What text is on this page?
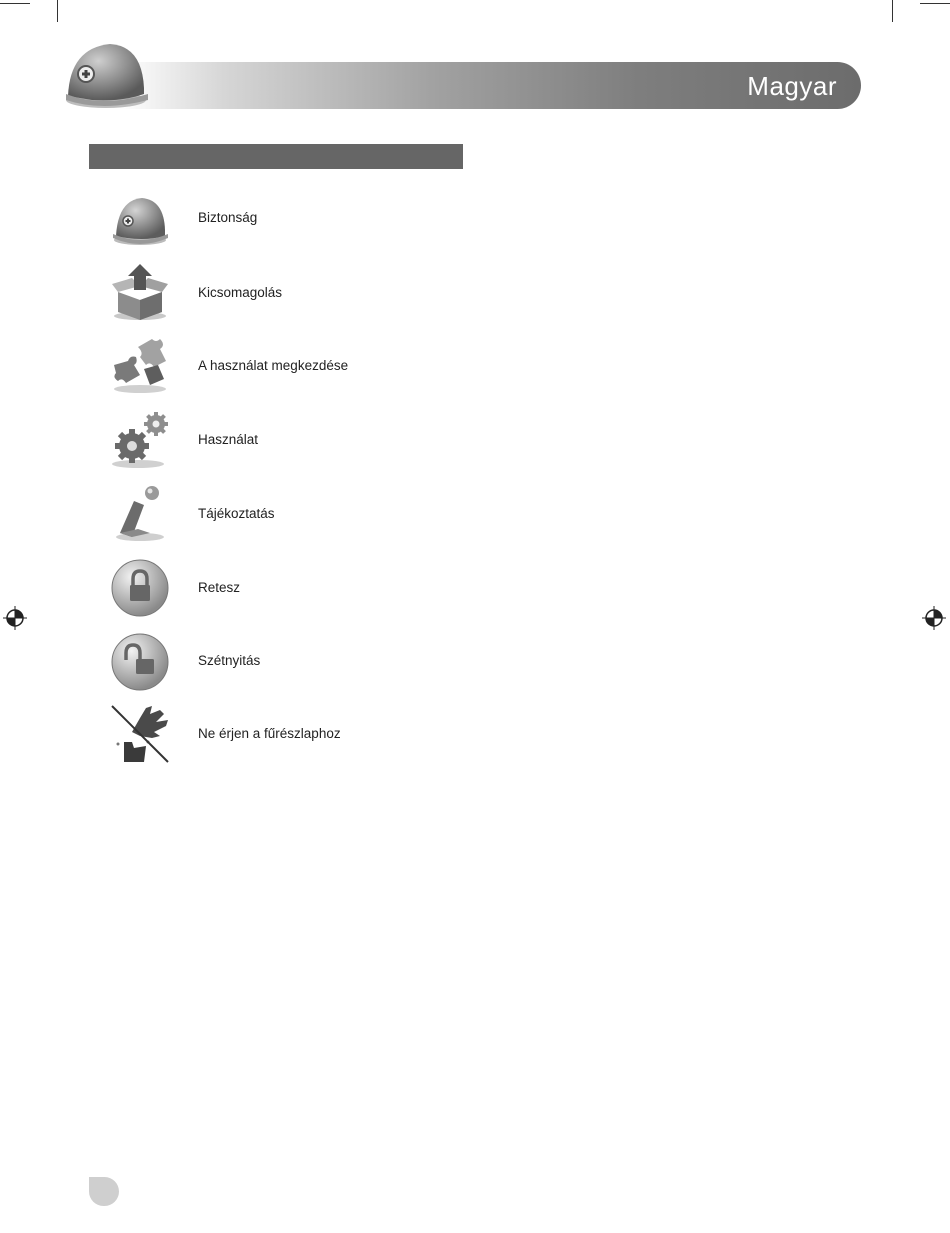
Magyar
Biztonság
Kicsomagolás
A használat megkezdése
Használat
Tájékoztatás
Retesz
Szétnyitás
Ne érjen a fűrészlaphoz
